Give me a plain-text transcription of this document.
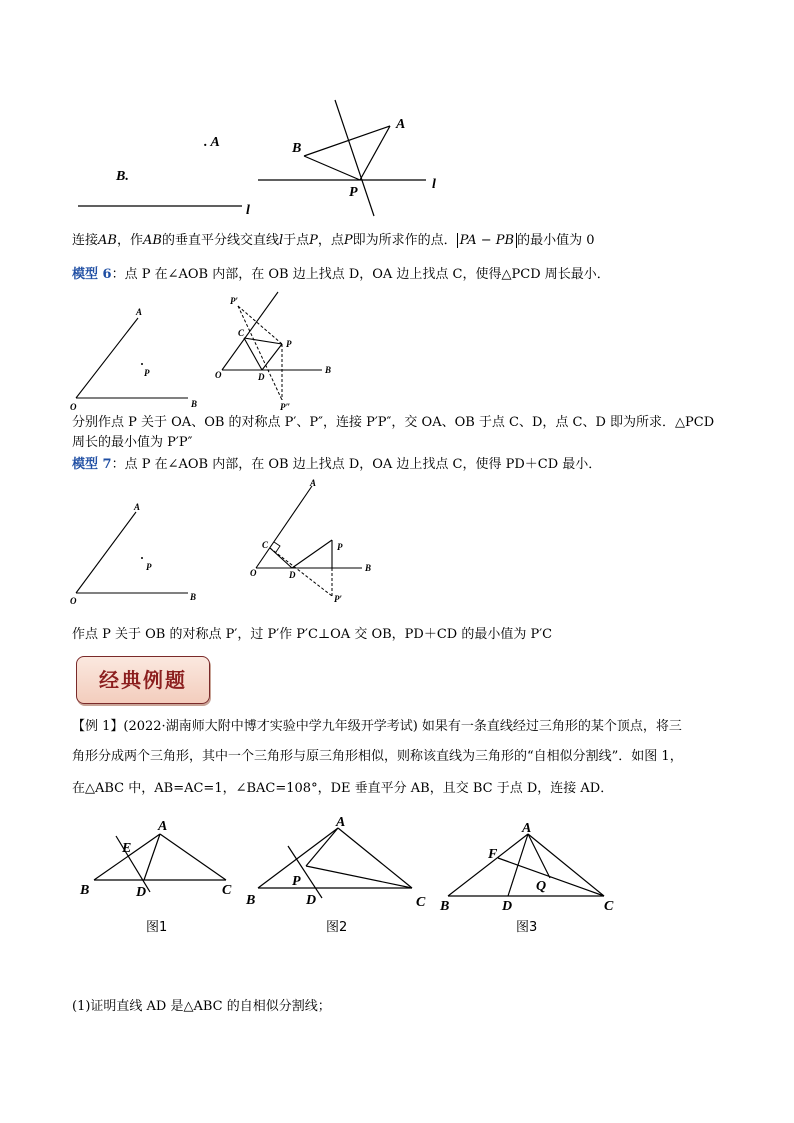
. A
B.
l
A
B
P
l
连接AB，作AB的垂直平分线交直线l于点P，点P即为所求作的点． PA − PB 的最小值为 0
模型 6：点 P 在∠AOB 内部，在 OB 边上找点 D，OA 边上找点 C，使得△PCD 周长最小．
A
P
O	B
P′
C
P
O	D
B
P″
分别作点 P 关于 OA、OB 的对称点 P′、P″，连接 P′P″，交 OA、OB 于点 C、D，点 C、D 即为所求．△PCD
周长的最小值为 P′P″
模型 7：点 P 在∠AOB 内部，在 OB 边上找点 D，OA 边上找点 C，使得 PD＋CD 最小．
A
P
O	B
A
C	P
O	D
B
P′
作点 P 关于 OB 的对称点 P′，过 P′作 P′C⊥OA 交 OB，PD＋CD 的最小值为 P′C
经典例题
【例 1】(2022·湖南师大附中博才实验中学九年级开学考试) 如果有一条直线经过三角形的某个顶点，将三
角形分成两个三角形，其中一个三角形与原三角形相似，则称该直线为三角形的“自相似分割线”．如图 1，
在△ABC 中，AB=AC=1，∠BAC=108°，DE 垂直平分 AB，且交 BC 于点 D，连接 AD．
A
E
B	D	C
A
P
B	D	C
A
F
Q
B	D	C
图1	图2	图3
(1)证明直线 AD 是△ABC 的自相似分割线；
